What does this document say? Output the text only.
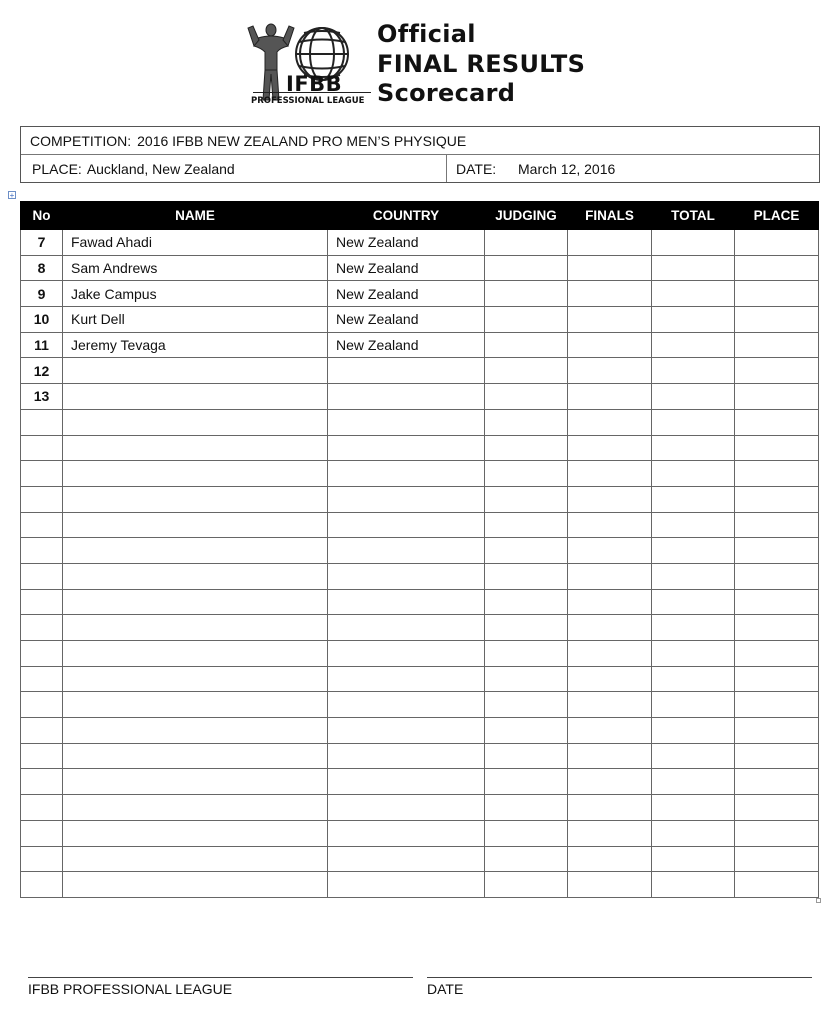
IFBB
PROFESSIONAL LEAGUE
Official
FINAL RESULTS
Scorecard
COMPETITION: 2016 IFBB NEW ZEALAND PRO MEN’S PHYSIQUE
PLACE: Auckland, New Zealand	DATE:	March 12, 2016
+
No	NAME	COUNTRY	JUDGING	FINALS	TOTAL	PLACE
7	Fawad Ahadi	New Zealand				
8	Sam Andrews	New Zealand				
9	Jake Campus	New Zealand				
10	Kurt Dell	New Zealand				
11	Jeremy Tevaga	New Zealand				
12						
13						

IFBB PROFESSIONAL LEAGUE	DATE
